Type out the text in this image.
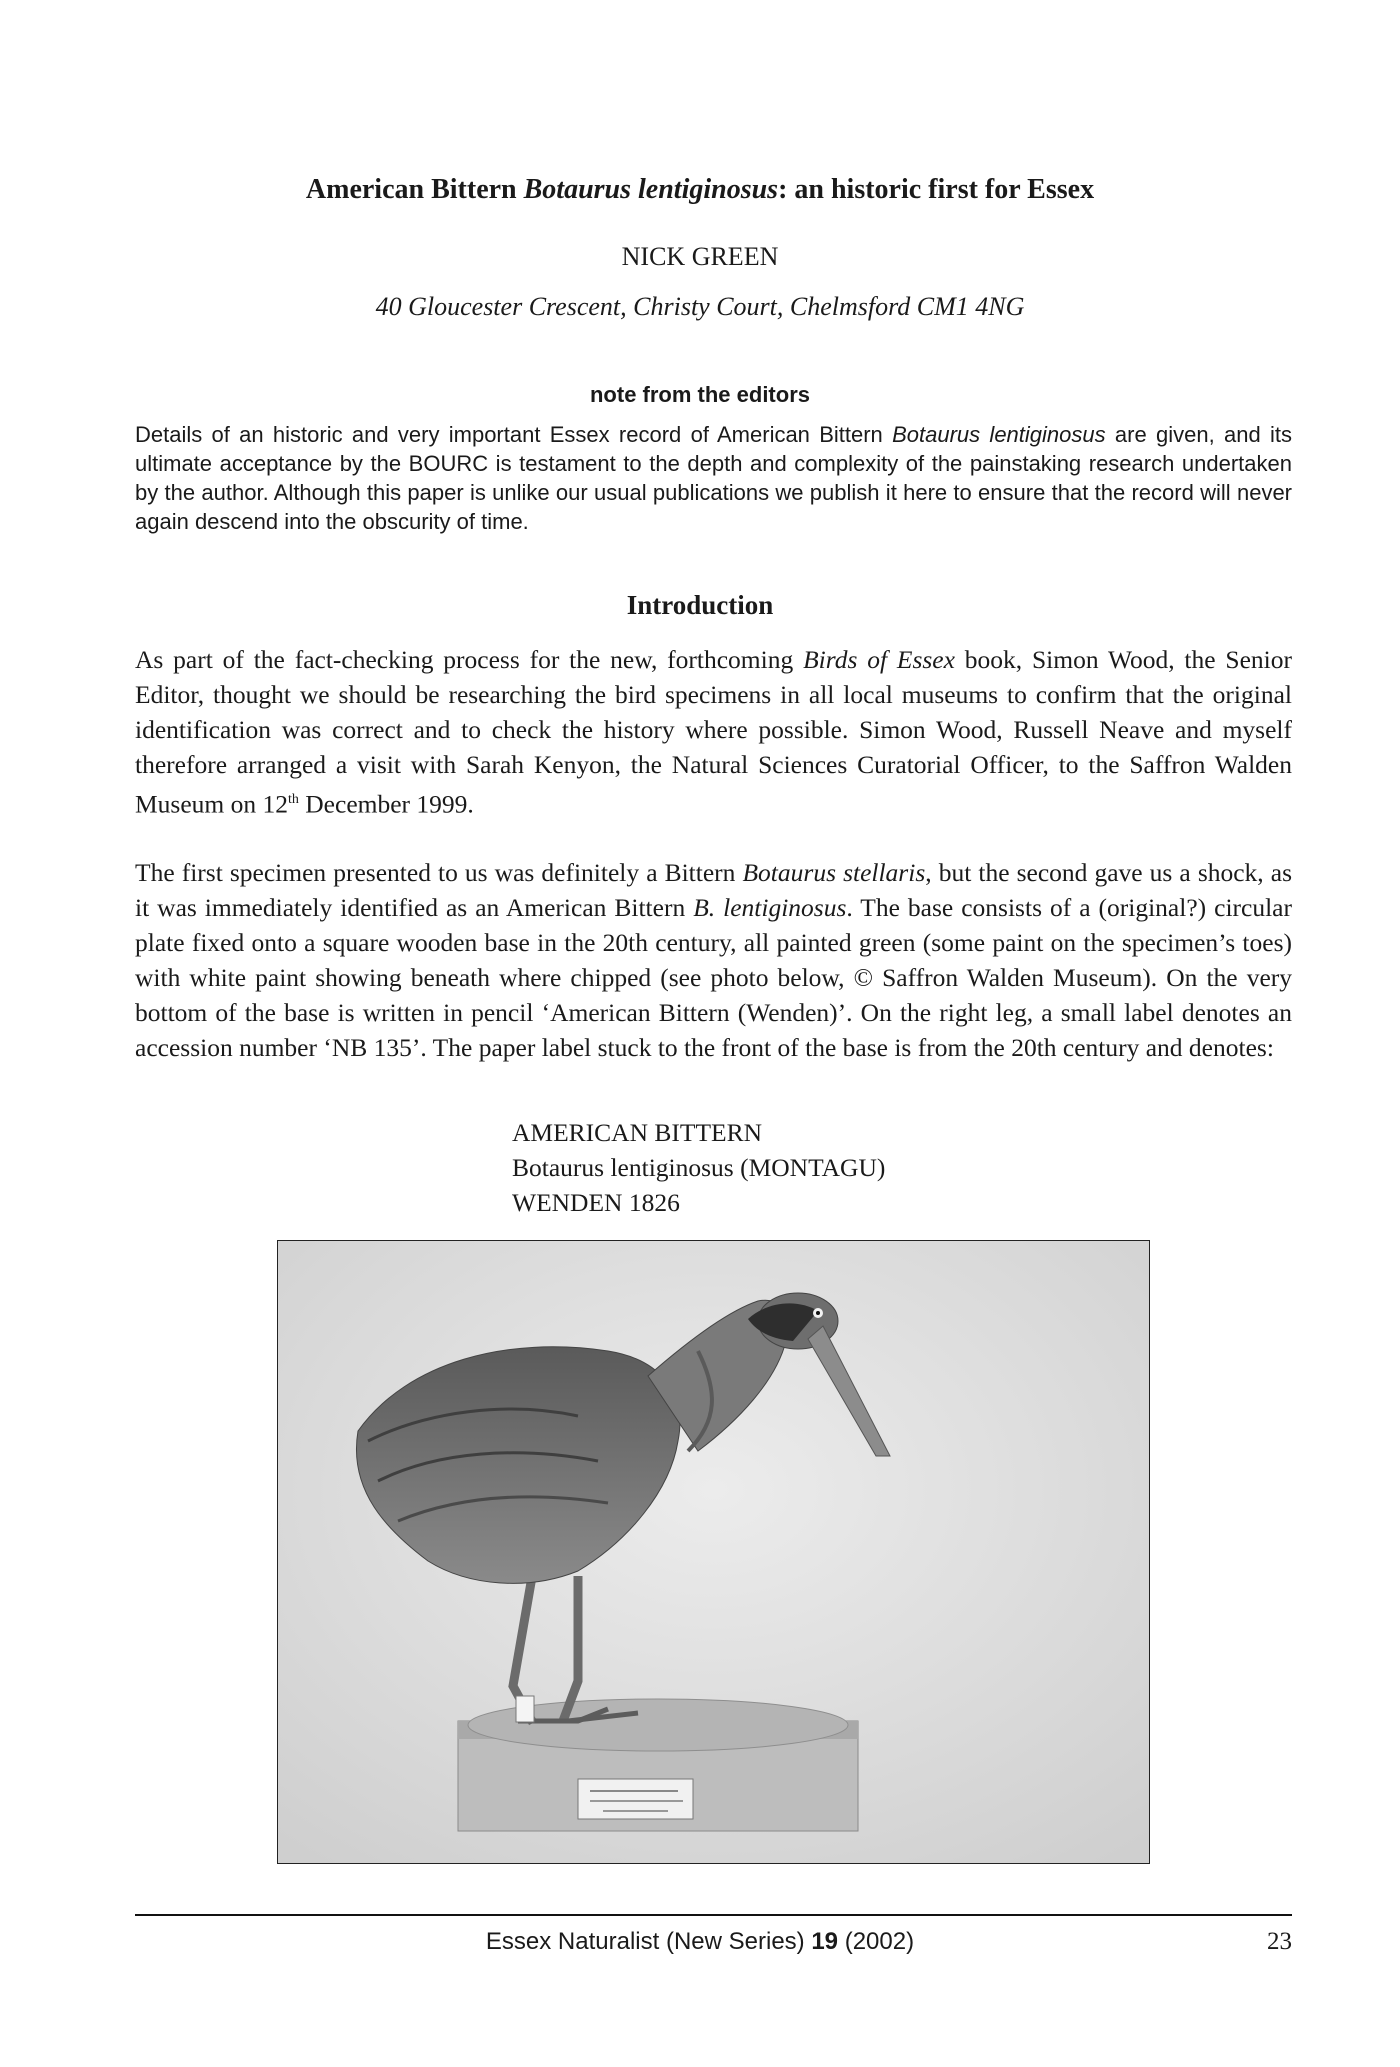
American Bittern Botaurus lentiginosus: an historic first for Essex
NICK GREEN
40 Gloucester Crescent, Christy Court, Chelmsford CM1 4NG
note from the editors

Details of an historic and very important Essex record of American Bittern Botaurus lentiginosus are given, and its ultimate acceptance by the BOURC is testament to the depth and complexity of the painstaking research undertaken by the author. Although this paper is unlike our usual publications we publish it here to ensure that the record will never again descend into the obscurity of time.

Introduction

As part of the fact-checking process for the new, forthcoming Birds of Essex book, Simon Wood, the Senior Editor, thought we should be researching the bird specimens in all local museums to confirm that the original identification was correct and to check the history where possible. Simon Wood, Russell Neave and myself therefore arranged a visit with Sarah Kenyon, the Natural Sciences Curatorial Officer, to the Saffron Walden Museum on 12th December 1999.

The first specimen presented to us was definitely a Bittern Botaurus stellaris, but the second gave us a shock, as it was immediately identified as an American Bittern B. lentiginosus. The base consists of a (original?) circular plate fixed onto a square wooden base in the 20th century, all painted green (some paint on the specimen’s toes) with white paint showing beneath where chipped (see photo below, © Saffron Walden Museum). On the very bottom of the base is written in pencil ‘American Bittern (Wenden)’. On the right leg, a small label denotes an accession number ‘NB 135’. The paper label stuck to the front of the base is from the 20th century and denotes:

AMERICAN BITTERN
Botaurus lentiginosus (MONTAGU)
WENDEN 1826
Essex Naturalist (New Series) 19 (2002)	23
